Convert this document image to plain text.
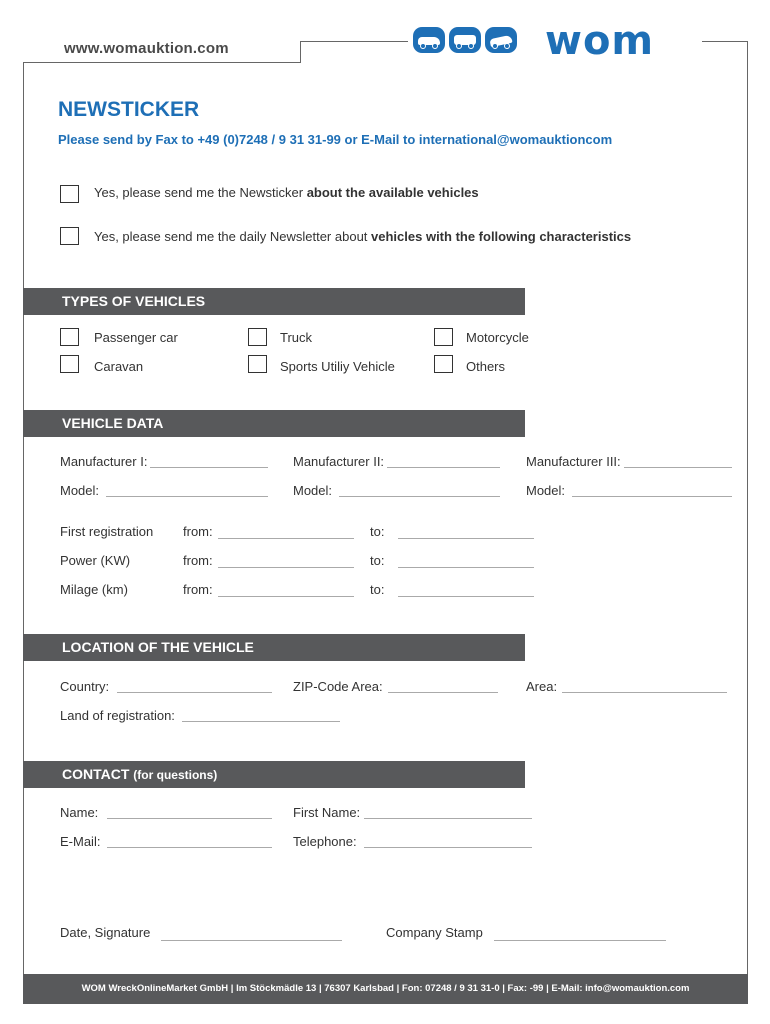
www.womauktion.com	wom
NEWSTICKER
Please send by Fax to +49 (0)7248 / 9 31 31-99 or E-Mail to international@womauktioncom
Yes, please send me the Newsticker about the available vehicles
Yes, please send me the daily Newsletter about vehicles with the following characteristics
TYPES OF VEHICLES
Passenger car	Truck	Motorcycle
Caravan	Sports Utiliy Vehicle	Others
VEHICLE DATA
Manufacturer I:	Manufacturer II:	Manufacturer III:
Model:	Model:	Model:
First registration from:	to:
Power (KW)	from:	to:
Milage (km)	from:	to:
LOCATION OF THE VEHICLE
Country:	ZIP-Code Area:	Area:
Land of registration:
CONTACT (for questions)
Name:	First Name:
E-Mail:	Telephone:
Date, Signature	Company Stamp
WOM WreckOnlineMarket GmbH | Im Stöckmädle 13 | 76307 Karlsbad | Fon: 07248 / 9 31 31-0 | Fax: -99 | E-Mail: info@womauktion.com
